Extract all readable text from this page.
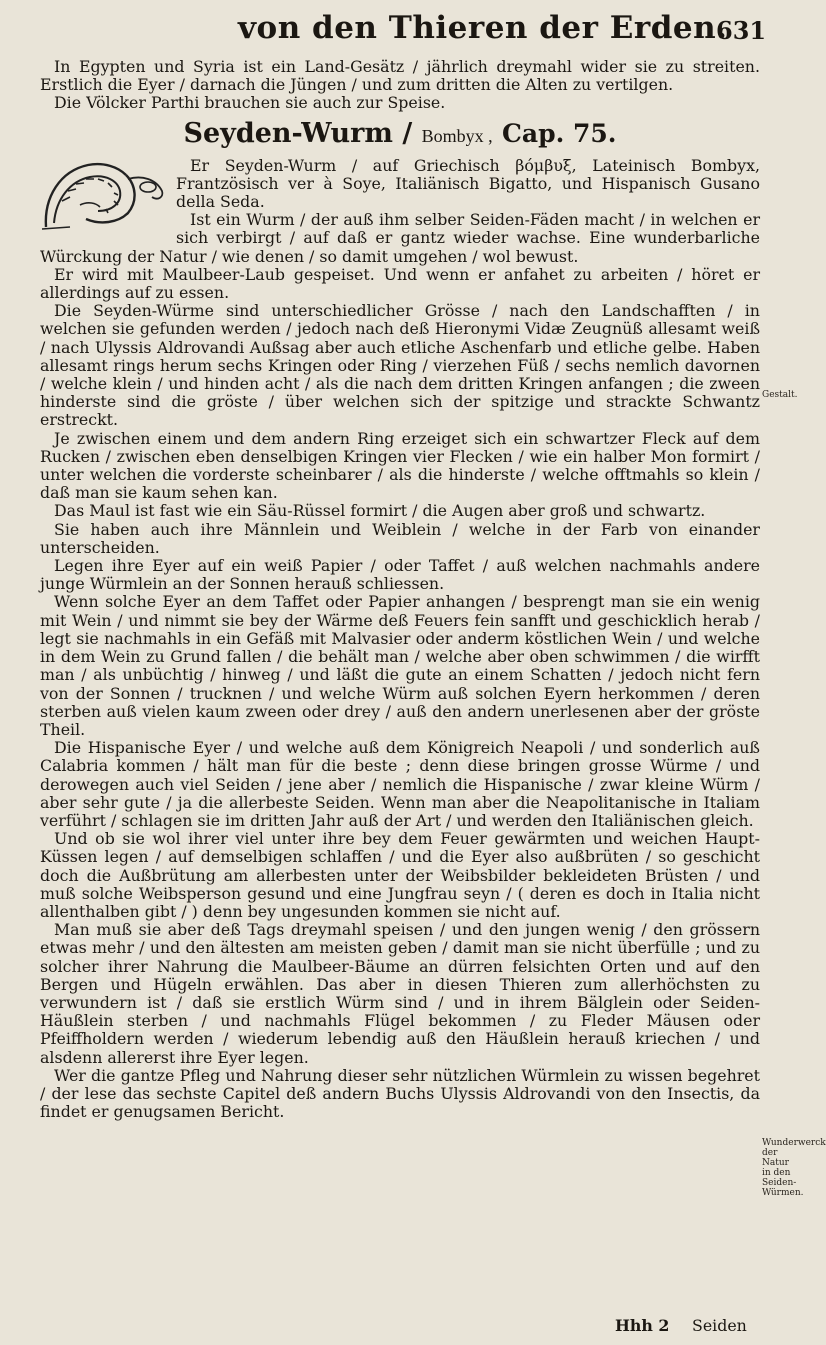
von den Thieren der Erden.
631

In Egypten und Syria ist ein Land-Gesätz / jährlich dreymahl wider sie zu streiten. Erstlich die Eyer / darnach die Jüngen / und zum dritten die Alten zu vertilgen.

Die Völcker Parthi brauchen sie auch zur Speise.

Seyden-Wurm / Bombyx , Cap. 75.

Er Seyden-Wurm / auf Griechisch βόμβυξ, Lateinisch Bombyx, Frantzösisch ver à Soye, Italiänisch Bigatto, und Hispanisch Gusano della Seda.

Ist ein Wurm / der auß ihm selber Seiden-Fäden macht / in welchen er sich verbirgt / auf daß er gantz wieder wachse. Eine wunderbarliche Würckung der Natur / wie denen / so damit umgehen / wol bewust.

Er wird mit Maulbeer-Laub gespeiset. Und wenn er anfahet zu arbeiten / höret er allerdings auf zu essen.

Die Seyden-Würme sind unterschiedlicher Grösse / nach den Landschafften / in welchen sie gefunden werden / jedoch nach deß Hieronymi Vidæ Zeugnüß allesamt weiß / nach Ulyssis Aldrovandi Außsag aber auch etliche Aschenfarb und etliche gelbe. Haben allesamt rings herum sechs Kringen oder Ring / vierzehen Füß / sechs nemlich davornen / welche klein / und hinden acht / als die nach dem dritten Kringen anfangen ; die zween hinderste sind die gröste / über welchen sich der spitzige und strackte Schwantz erstreckt.

Je zwischen einem und dem andern Ring erzeiget sich ein schwartzer Fleck auf dem Rucken / zwischen eben denselbigen Kringen vier Flecken / wie ein halber Mon formirt / unter welchen die vorderste scheinbarer / als die hinderste / welche offtmahls so klein / daß man sie kaum sehen kan.

Das Maul ist fast wie ein Säu-Rüssel formirt / die Augen aber groß und schwartz.

Sie haben auch ihre Männlein und Weiblein / welche in der Farb von einander unterscheiden.

Legen ihre Eyer auf ein weiß Papier / oder Taffet / auß welchen nachmahls andere junge Würmlein an der Sonnen herauß schliessen.

Wenn solche Eyer an dem Taffet oder Papier anhangen / besprengt man sie ein wenig mit Wein / und nimmt sie bey der Wärme deß Feuers fein sanfft und geschicklich herab / legt sie nachmahls in ein Gefäß mit Malvasier oder anderm köstlichen Wein / und welche in dem Wein zu Grund fallen / die behält man / welche aber oben schwimmen / die wirfft man / als unbüchtig / hinweg / und läßt die gute an einem Schatten / jedoch nicht fern von der Sonnen / trucknen / und welche Würm auß solchen Eyern herkommen / deren sterben auß vielen kaum zween oder drey / auß den andern unerlesenen aber der gröste Theil.

Die Hispanische Eyer / und welche auß dem Königreich Neapoli / und sonderlich auß Calabria kommen / hält man für die beste ; denn diese bringen grosse Würme / und derowegen auch viel Seiden / jene aber / nemlich die Hispanische / zwar kleine Würm / aber sehr gute / ja die allerbeste Seiden. Wenn man aber die Neapolitanische in Italiam verführt / schlagen sie im dritten Jahr auß der Art / und werden den Italiänischen gleich.

Und ob sie wol ihrer viel unter ihre bey dem Feuer gewärmten und weichen Haupt-Küssen legen / auf demselbigen schlaffen / und die Eyer also außbrüten / so geschicht doch die Außbrütung am allerbesten unter der Weibsbilder bekleideten Brüsten / und muß solche Weibsperson gesund und eine Jungfrau seyn / ( deren es doch in Italia nicht allenthalben gibt / ) denn bey ungesunden kommen sie nicht auf.

Man muß sie aber deß Tags dreymahl speisen / und den jungen wenig / den grössern etwas mehr / und den ältesten am meisten geben / damit man sie nicht überfülle ; und zu solcher ihrer Nahrung die Maulbeer-Bäume an dürren felsichten Orten und auf den Bergen und Hügeln erwählen. Das aber in diesen Thieren zum allerhöchsten zu verwundern ist / daß sie erstlich Würm sind / und in ihrem Bälglein oder Seiden-Häußlein sterben / und nachmahls Flügel bekommen / zu Fleder Mäusen oder Pfeiffholdern werden / wiederum lebendig auß den Häußlein herauß kriechen / und alsdenn allererst ihre Eyer legen.

Wer die gantze Pfleg und Nahrung dieser sehr nützlichen Würmlein zu wissen begehret / der lese das sechste Capitel deß andern Buchs Ulyssis Aldrovandi von den Insectis, da findet er genugsamen Bericht.

Gestalt.
Wunderwerck der Natur in den Seiden-Würmen.
Hhh 2 Seiden
